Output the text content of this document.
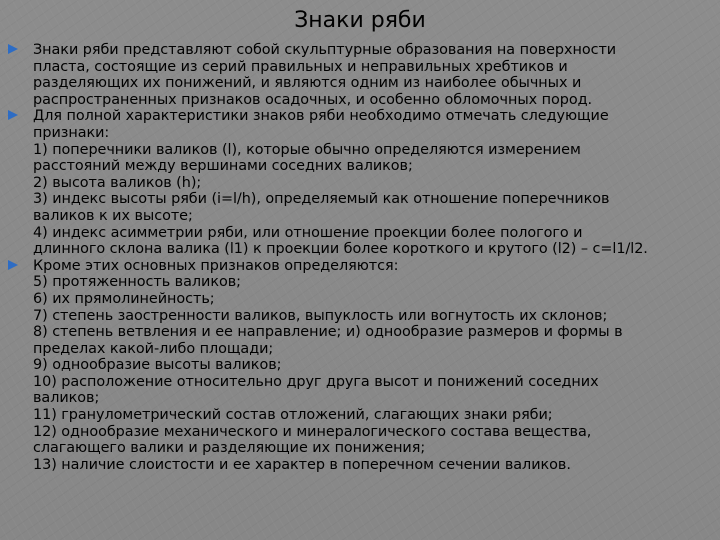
Знаки ряби
Знаки ряби представляют собой скульптурные образования на поверхности
пласта, состоящие из серий правильных и неправильных хребтиков и
разделяющих их понижений, и являются одним из наиболее обычных и
распространенных признаков осадочных, и особенно обломочных пород.
Для полной характеристики знаков ряби необходимо отмечать следующие
признаки:
1) поперечники валиков (l), которые обычно определяются измерением
расстояний между вершинами соседних валиков;
2) высота валиков (h);
3) индекс высоты ряби (i=l/h), определяемый как отношение поперечников
валиков к их высоте;
4) индекс асимметрии ряби, или отношение проекции более пологого и
длинного склона валика (l1) к проекции более короткого и крутого (l2) – c=l1/l2.
Кроме этих основных признаков определяются:
5) протяженность валиков;
6) их прямолинейность;
7) степень заостренности валиков, выпуклость или вогнутость их склонов;
8) степень ветвления и ее направление; и) однообразие размеров и формы в
пределах какой-либо площади;
9) однообразие высоты валиков;
10) расположение относительно друг друга высот и понижений соседних
валиков;
11) гранулометрический состав отложений, слагающих знаки ряби;
12) однообразие механического и минералогического состава вещества,
слагающего валики и разделяющие их понижения;
13) наличие слоистости и ее характер в поперечном сечении валиков.
